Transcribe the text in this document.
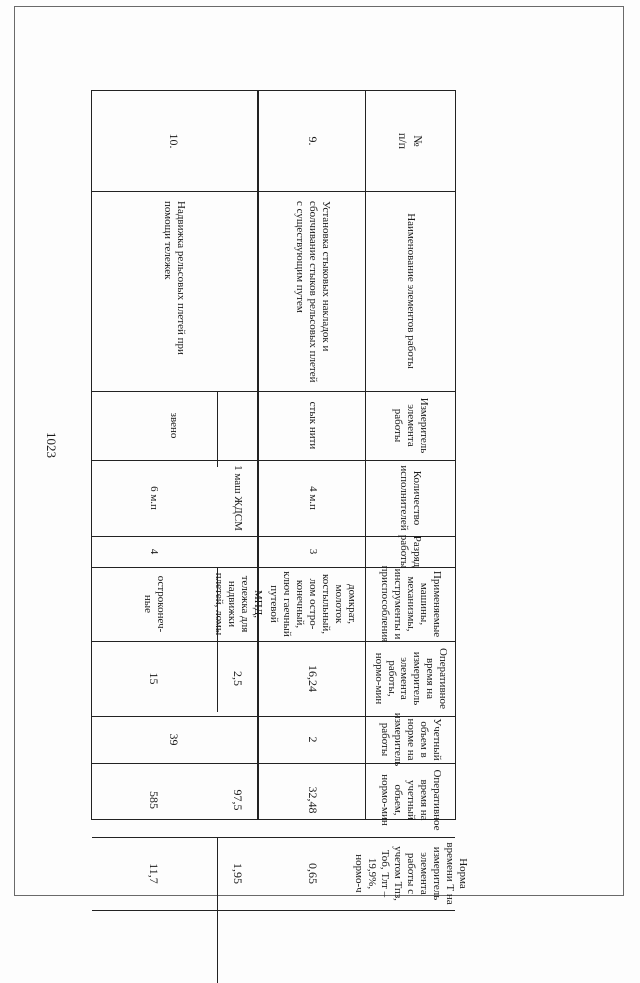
1023
№
п/п
Наименование элементов работы
Измеритель элемента работы
Количество исполнителей
Разряд работы
Применяемые машины, механизмы, инструменты и приспособления
Оперативное время на измеритель элемента работы, нормо-мин
Учетный объем в норме на измеритель работы
Оперативное время на учетный объем, нормо-мин
Норма времени Т на измеритель элемента работы с учетом Тпз, Тоб, Тлт – 19,9%, нормо-ч
9.
Установка стыковых накладок и сболчивание стыков рельсовых плетей с существующим путем
стык нити
4 м.п
3
домкрат, молоток костыльный, лом остро-конечный, ключ гаечный путевой
16,24
2
32,48
0,65
10.
Надвижка рельсовых плетей при помощи тележек
звено
1 маш ЖДСМ
6 м.п
4
МПД, тележка для надвижки плетей, ломы
остроконеч-ные
2,5
15
39
97,5
585
1,95
11,7
